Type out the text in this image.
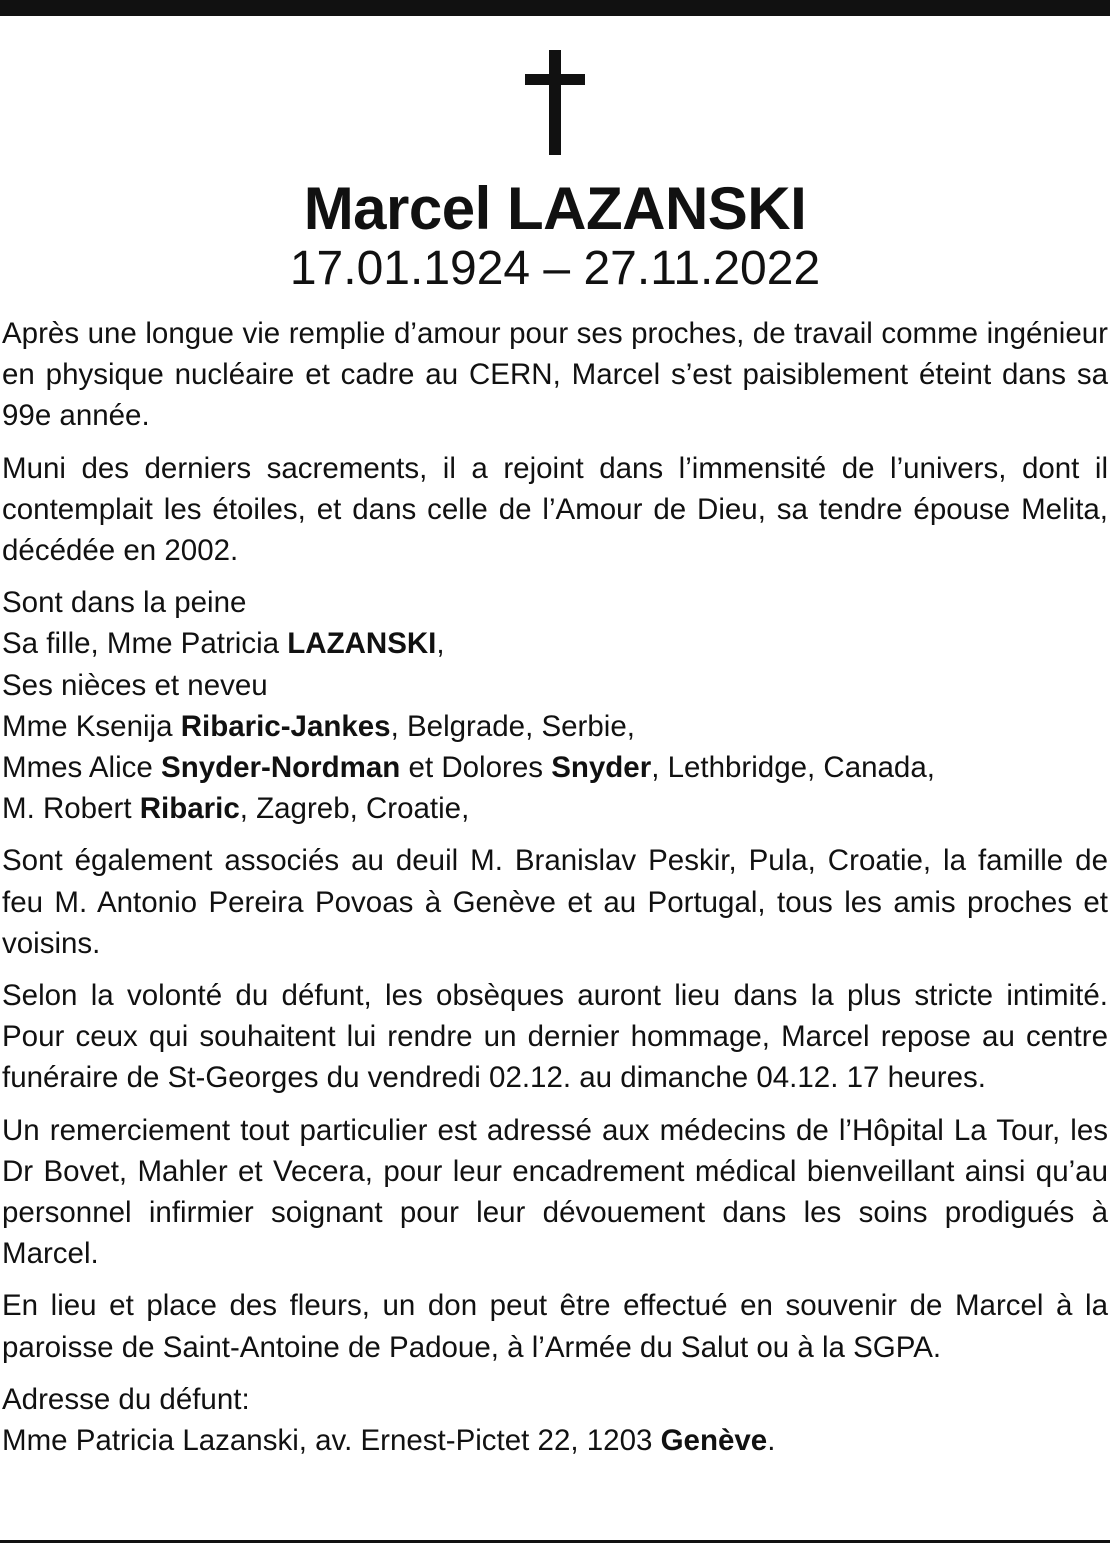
Marcel LAZANSKI
17.01.1924 – 27.11.2022

Après une longue vie remplie d’amour pour ses proches, de travail comme ingénieur en physique nucléaire et cadre au CERN, Marcel s’est paisiblement éteint dans sa 99e année.

Muni des derniers sacrements, il a rejoint dans l’immensité de l’univers, dont il contemplait les étoiles, et dans celle de l’Amour de Dieu, sa tendre épouse Melita, décédée en 2002.

Sont dans la peine
Sa fille, Mme Patricia LAZANSKI,
Ses nièces et neveu
Mme Ksenija Ribaric-Jankes, Belgrade, Serbie,
Mmes Alice Snyder-Nordman et Dolores Snyder, Lethbridge, Canada,
M. Robert Ribaric, Zagreb, Croatie,

Sont également associés au deuil M. Branislav Peskir, Pula, Croatie, la famille de feu M. Antonio Pereira Povoas à Genève et au Portugal, tous les amis proches et voisins.

Selon la volonté du défunt, les obsèques auront lieu dans la plus stricte intimité. Pour ceux qui souhaitent lui rendre un dernier hommage, Marcel repose au centre funéraire de St-Georges du vendredi 02.12. au dimanche 04.12. 17 heures.

Un remerciement tout particulier est adressé aux médecins de l’Hôpital La Tour, les Dr Bovet, Mahler et Vecera, pour leur encadrement médical bienveillant ainsi qu’au personnel infirmier soignant pour leur dévouement dans les soins prodigués à Marcel.

En lieu et place des fleurs, un don peut être effectué en souvenir de Marcel à la paroisse de Saint-Antoine de Padoue, à l’Armée du Salut ou à la SGPA.

Adresse du défunt:
Mme Patricia Lazanski, av. Ernest-Pictet 22, 1203 Genève.
